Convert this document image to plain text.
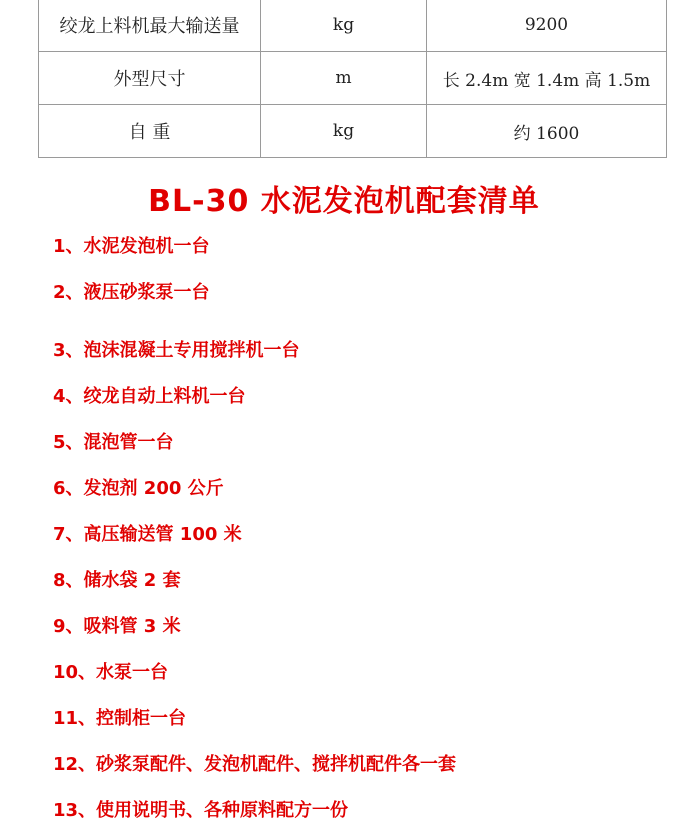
绞龙上料机最大输送量	kg	9200
外型尺寸	m	长 2.4m 宽 1.4m 高 1.5m
自 重	kg	约 1600
BL-30 水泥发泡机配套清单
1、水泥发泡机一台
2、液压砂浆泵一台
3、泡沫混凝土专用搅拌机一台
4、绞龙自动上料机一台
5、混泡管一台
6、发泡剂 200 公斤
7、高压输送管 100 米
8、储水袋 2 套
9、吸料管 3 米
10、水泵一台
11、控制柜一台
12、砂浆泵配件、发泡机配件、搅拌机配件各一套
13、使用说明书、各种原料配方一份
